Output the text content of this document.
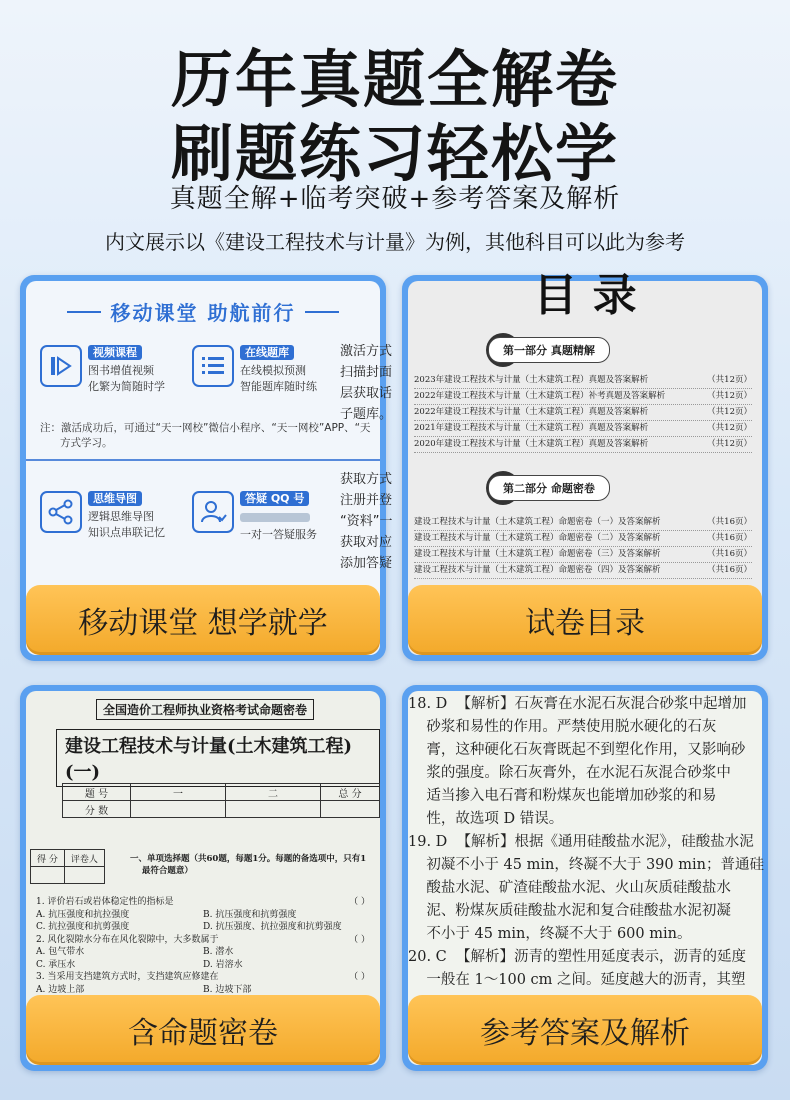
历年真题全解卷
刷题练习轻松学
真题全解+临考突破+参考答案及解析
内文展示以《建设工程技术与计量》为例，其他科目可以此为参考
移动课堂 助航前行
视频课程
图书增值视频
化繁为简随时学
在线题库
在线模拟预测
智能题库随时练
激活方式
扫描封面
层获取话
子题库。
注：激活成功后，可通过“天一网校”微信小程序、“天一网校”APP、“天
方式学习。
思维导图
逻辑思维导图
知识点串联记忆
答疑 QQ 号
一对一答疑服务
获取方式
注册并登
“资料”一
获取对应
添加答疑
移动课堂 想学就学
目 录
第一部分 真题精解
2023年建设工程技术与计量（土木建筑工程）真题及答案解析	（共12页）
2022年建设工程技术与计量（土木建筑工程）补考真题及答案解析	（共12页）
2022年建设工程技术与计量（土木建筑工程）真题及答案解析	（共12页）
2021年建设工程技术与计量（土木建筑工程）真题及答案解析	（共12页）
2020年建设工程技术与计量（土木建筑工程）真题及答案解析	（共12页）
第二部分 命题密卷
建设工程技术与计量（土木建筑工程）命题密卷（一）及答案解析	（共16页）
建设工程技术与计量（土木建筑工程）命题密卷（二）及答案解析	（共16页）
建设工程技术与计量（土木建筑工程）命题密卷（三）及答案解析	（共16页）
建设工程技术与计量（土木建筑工程）命题密卷（四）及答案解析	（共16页）
试卷目录
全国造价工程师执业资格考试命题密卷
建设工程技术与计量(土木建筑工程)(一)
题 号	一	二	总 分
分 数			
得 分	评卷人
		一、单项选择题（共60题，每题1分。每题的备选项中，只有1
最符合题意）
1. 评价岩石或岩体稳定性的指标是	（ ）
A. 抗压强度和抗拉强度	B. 抗压强度和抗剪强度
C. 抗拉强度和抗剪强度	D. 抗压强度、抗拉强度和抗剪强度
2. 风化裂隙水分布在风化裂隙中，大多数属于	（ ）
A. 包气带水	B. 潜水
C. 承压水	D. 岩溶水
3. 当采用支挡建筑方式时，支挡建筑应修建在	（ ）
A. 边坡上部	B. 边坡下部
含命题密卷

18. D  【解析】石灰膏在水泥石灰混合砂浆中起增加

砂浆和易性的作用。严禁使用脱水硬化的石灰

膏，这种硬化石灰膏既起不到塑化作用，又影响砂

浆的强度。除石灰膏外，在水泥石灰混合砂浆中

适当掺入电石膏和粉煤灰也能增加砂浆的和易

性，故选项 D 错误。

19. D  【解析】根据《通用硅酸盐水泥》，硅酸盐水泥

初凝不小于 45 min，终凝不大于 390 min；普通硅

酸盐水泥、矿渣硅酸盐水泥、火山灰质硅酸盐水

泥、粉煤灰质硅酸盐水泥和复合硅酸盐水泥初凝

不小于 45 min，终凝不大于 600 min。

20. C  【解析】沥青的塑性用延度表示，沥青的延度

一般在 1～100 cm 之间。延度越大的沥青，其塑

参考答案及解析
